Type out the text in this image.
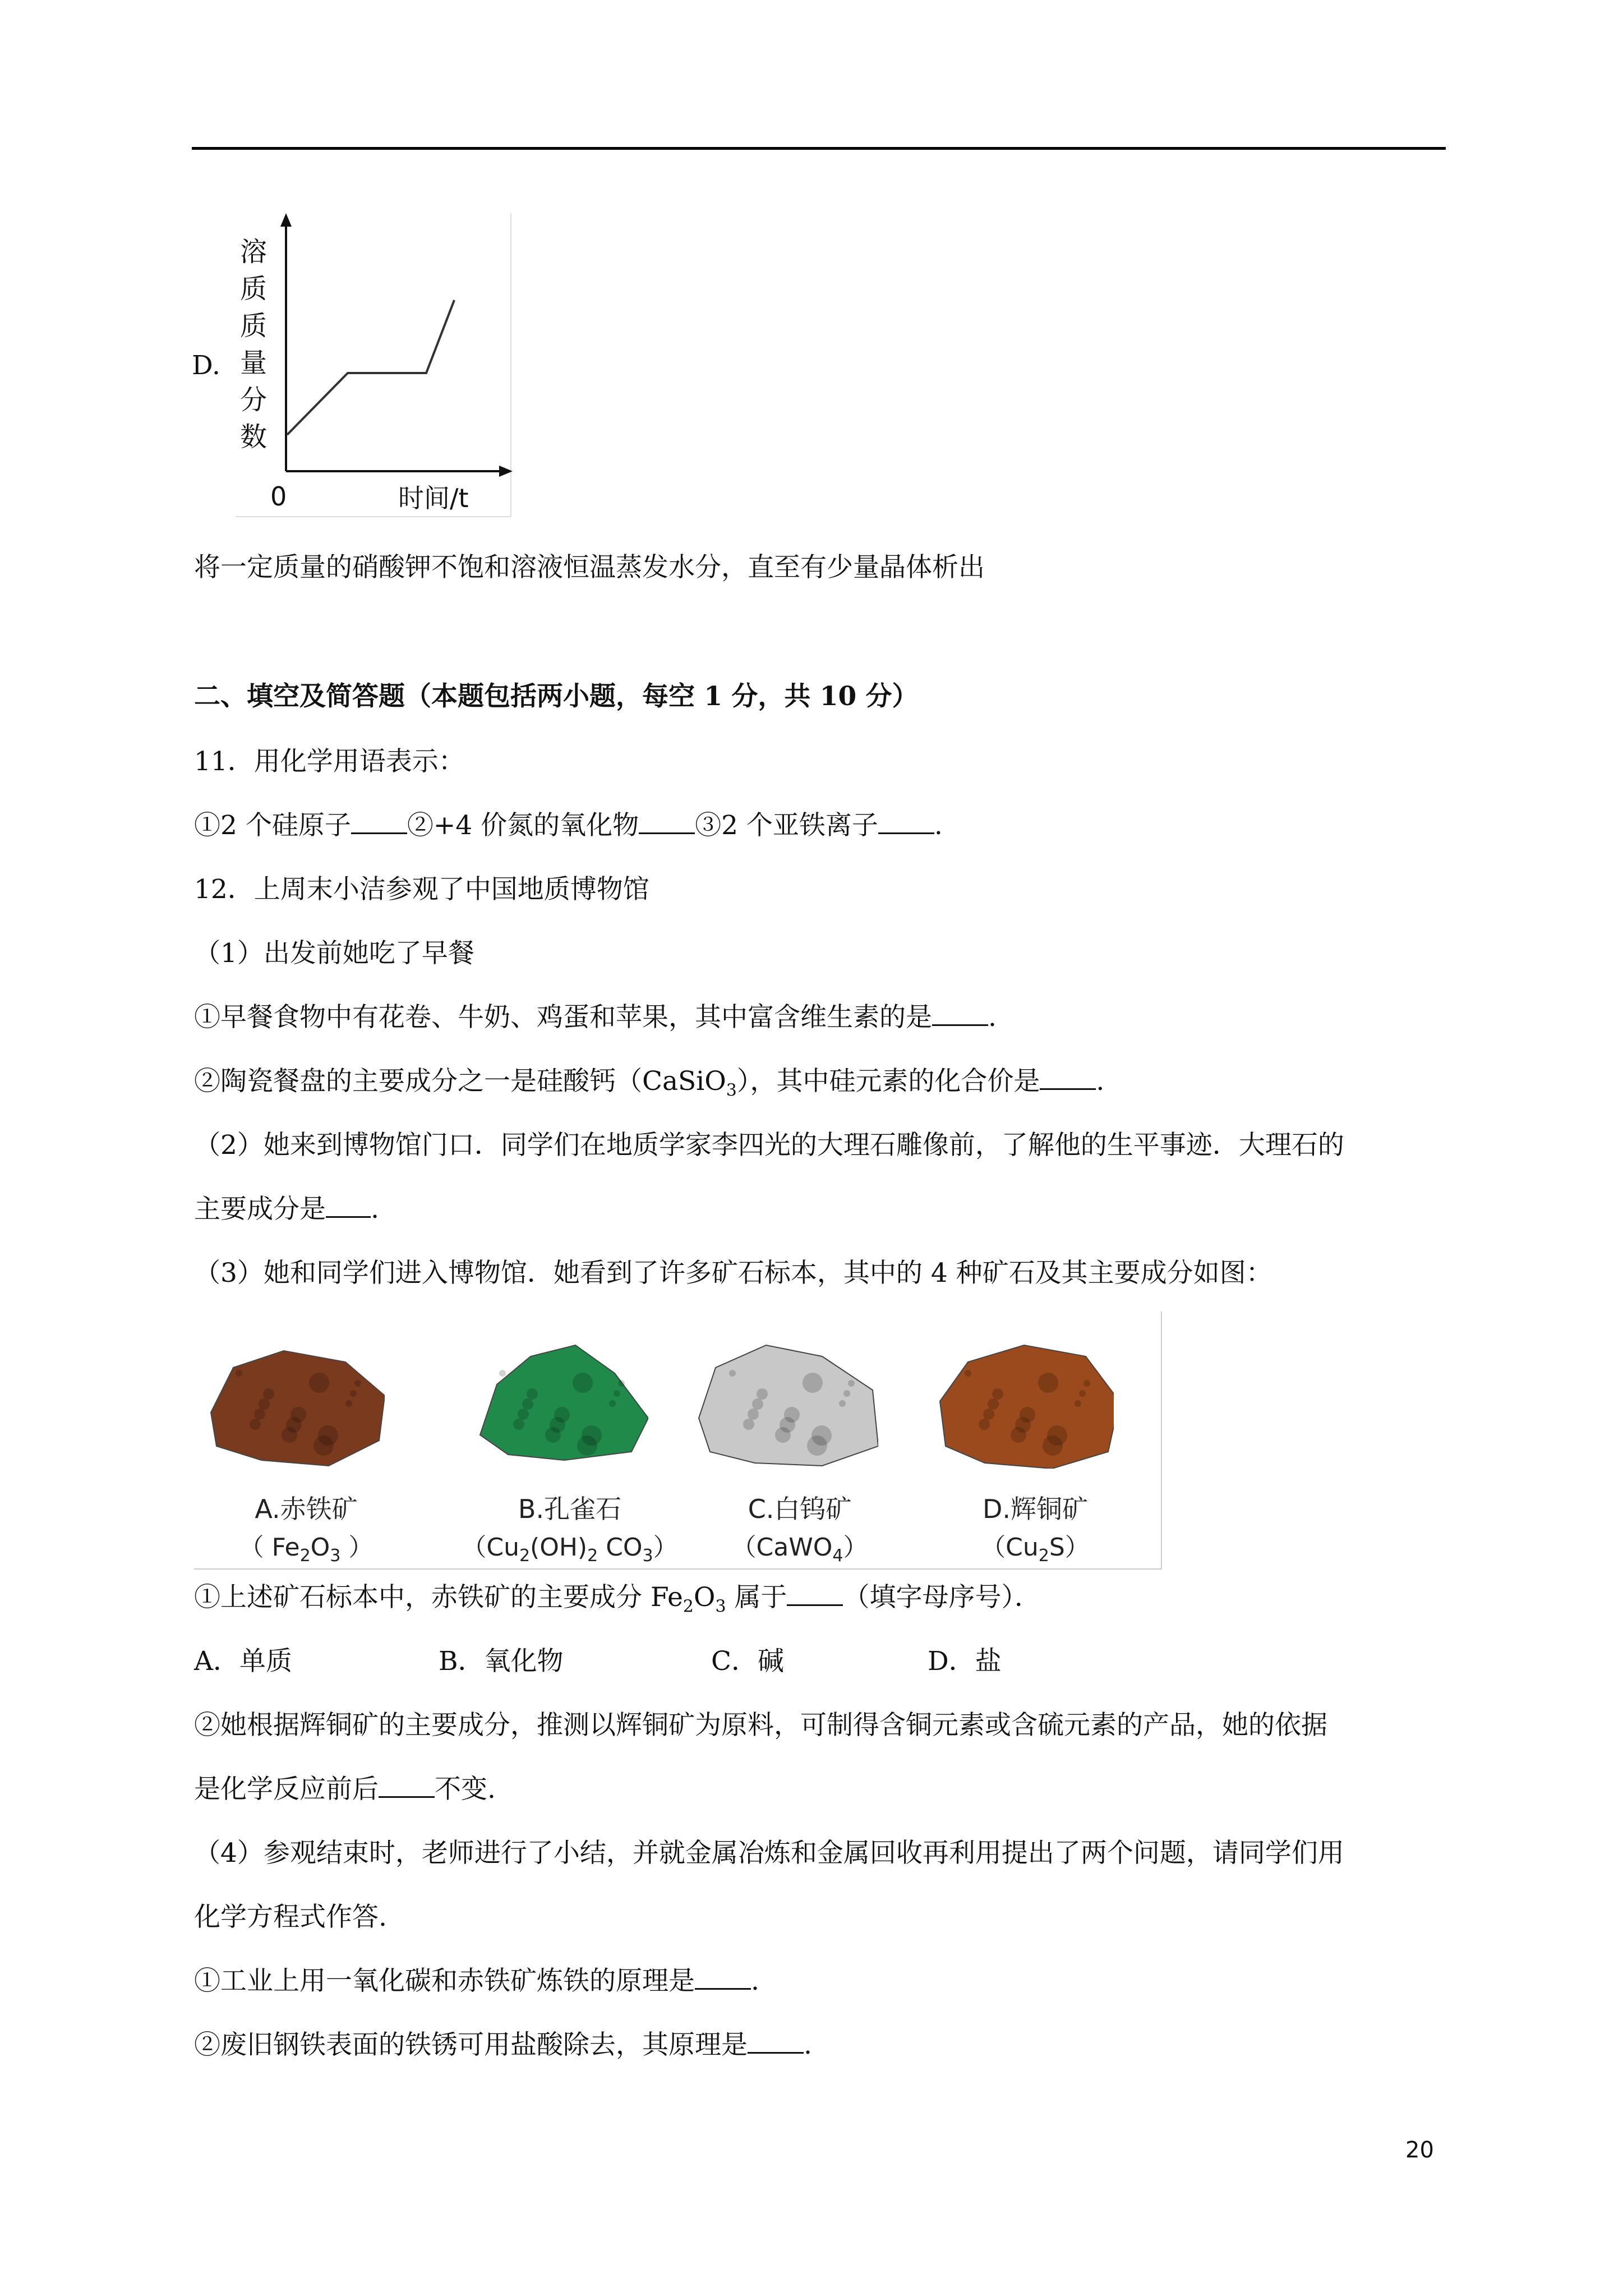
D.
溶
质
质
量
分
数
0	时间/t
将一定质量的硝酸钾不饱和溶液恒温蒸发水分，直至有少量晶体析出
二、填空及简答题（本题包括两小题，每空 1 分，共 10 分）
11．用化学用语表示：
①2 个硅原子 ②+4 价氮的氧化物 ③2 个亚铁离子 .
12．上周末小洁参观了中国地质博物馆
（1）出发前她吃了早餐
①早餐食物中有花卷、牛奶、鸡蛋和苹果，其中富含维生素的是 .
②陶瓷餐盘的主要成分之一是硅酸钙（CaSiO$_3$），其中硅元素的化合价是 .
（2）她来到博物馆门口．同学们在地质学家李四光的大理石雕像前，了解他的生平事迹．大理石的
主要成分是 .
（3）她和同学们进入博物馆．她看到了许多矿石标本，其中的 4 种矿石及其主要成分如图：
A.赤铁矿
（ $Fe_2O_3$ ）
B.孔雀石
（$Cu_2(OH)_2$ $CO_3$）
C.白钨矿
（CaWO$_4$）
D.辉铜矿
$(Cu_2S)$
①上述矿石标本中，赤铁矿的主要成分 $Fe_2O_3$ 属于 （填字母序号）．
A．单质	B．氧化物	C．碱	D．盐
②她根据辉铜矿的主要成分，推测以辉铜矿为原料，可制得含铜元素或含硫元素的产品，她的依据
是化学反应前后 不变.
（4）参观结束时，老师进行了小结，并就金属冶炼和金属回收再利用提出了两个问题，请同学们用
化学方程式作答.
①工业上用一氧化碳和赤铁矿炼铁的原理是 .
②废旧钢铁表面的铁锈可用盐酸除去，其原理是 .
20
